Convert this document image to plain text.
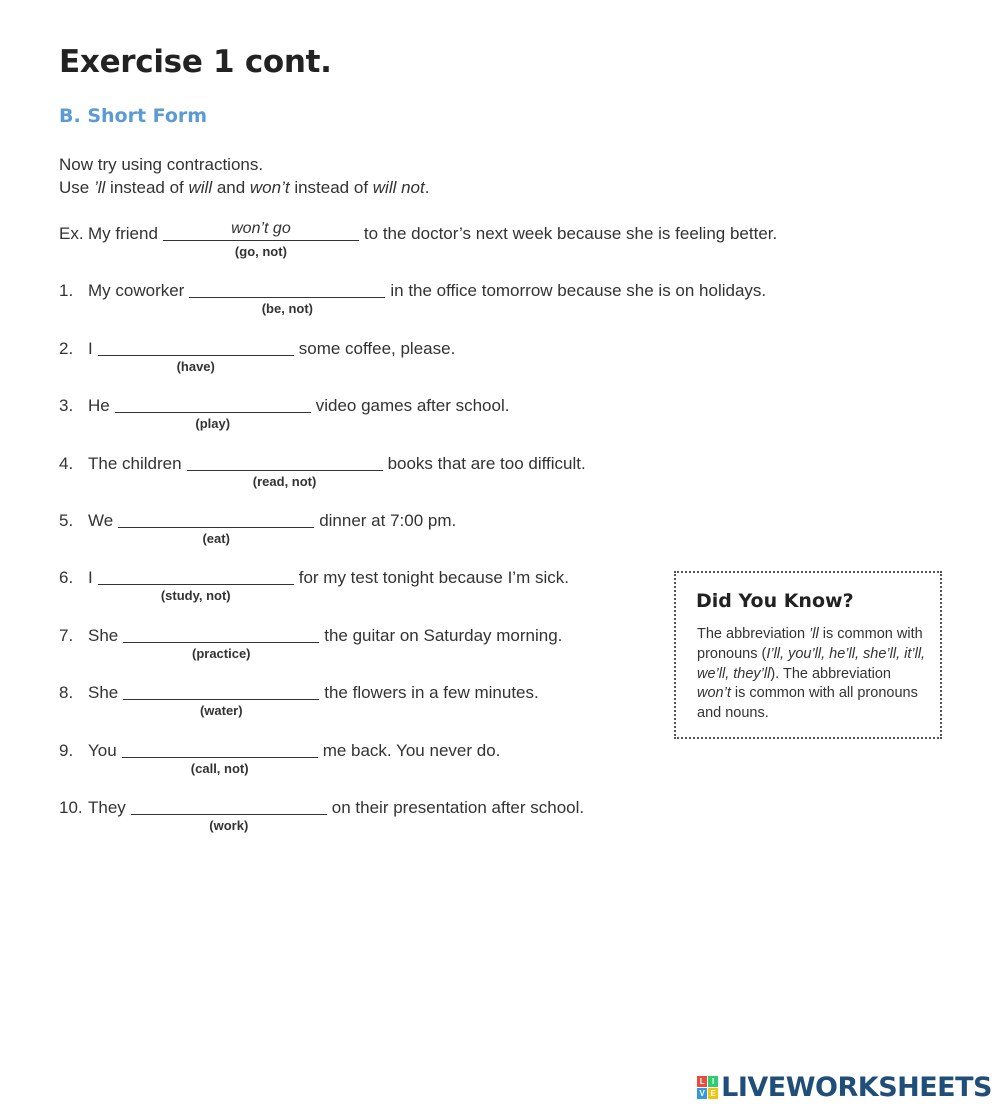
Exercise 1 cont.
B. Short Form
Now try using contractions.
Use ’ll instead of will and won’t instead of will not.
Ex. My friend	won’t go
(go, not)
to the doctor’s next week because she is feeling better.
1. My coworker
(be, not)
in the office tomorrow because she is on holidays.
2. I
(have)
some coffee, please.
3. He
(play)
video games after school.
4. The children
(read, not)
books that are too difficult.
5. We
(eat)
dinner at 7:00 pm.
6. I
(study, not)
for my test tonight because I’m sick.
7. She
(practice)
the guitar on Saturday morning.
8. She
(water)
the flowers in a few minutes.
9. You
(call, not)
me back. You never do.
10. They
(work)
on their presentation after school.
Did You Know?
The abbreviation ’ll is common with pronouns (I’ll, you’ll, he’ll, she’ll, it’ll, we’ll, they’ll). The abbreviation won’t is common with all pronouns and nouns.
L I
V E LIVEWORKSHEETS
